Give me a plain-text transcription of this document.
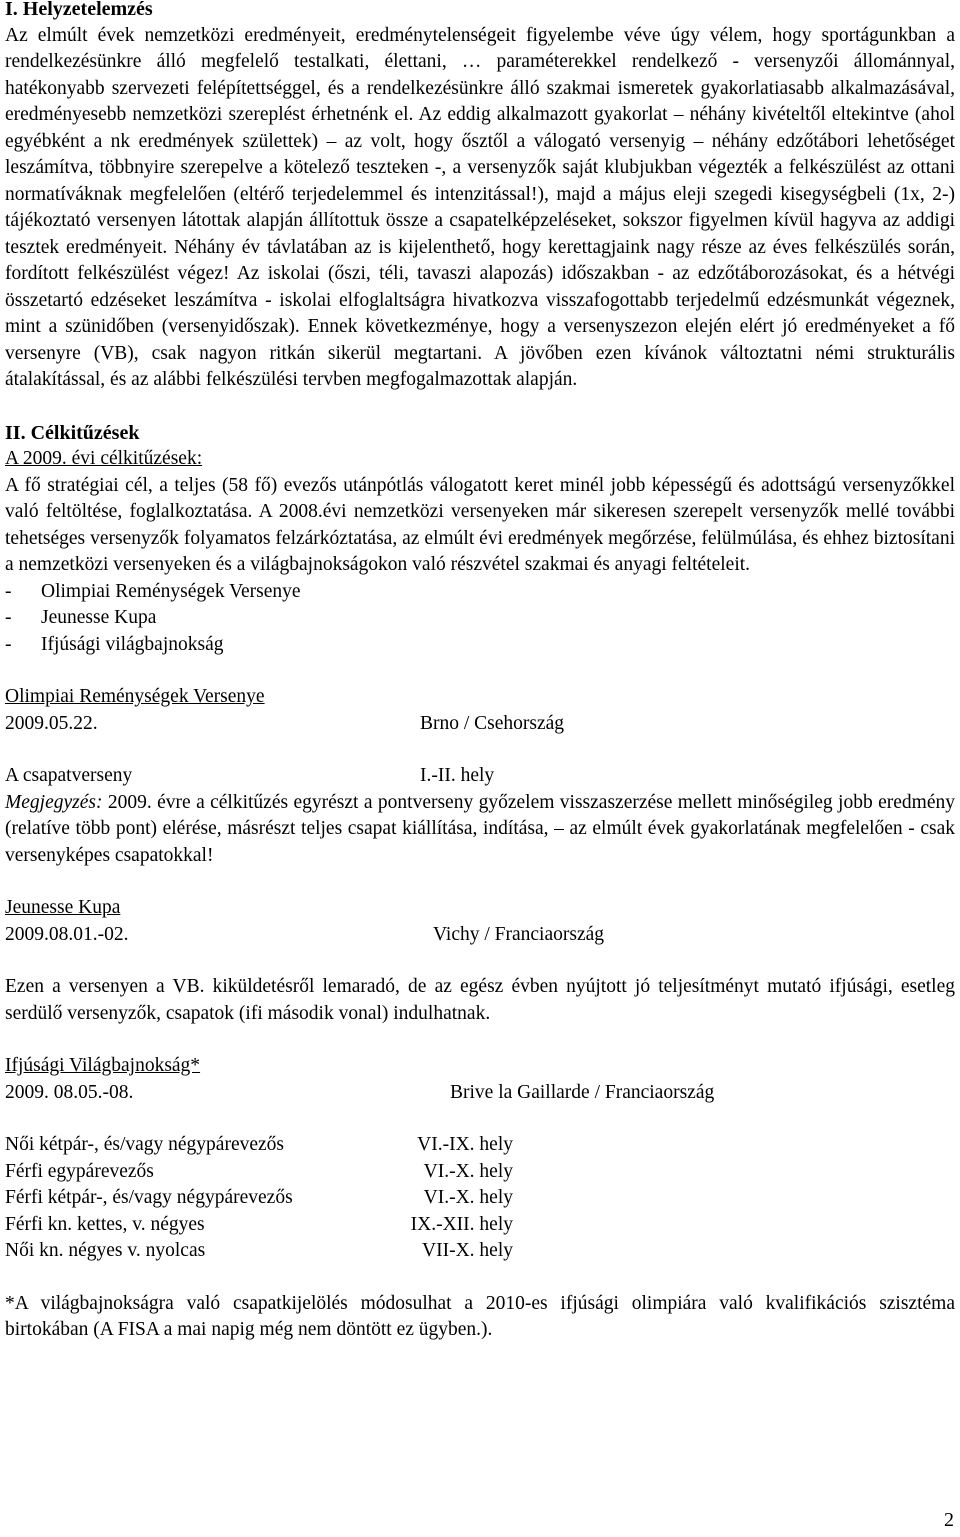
I. Helyzetelemzés

Az elmúlt évek nemzetközi eredményeit, eredménytelenségeit figyelembe véve úgy vélem, hogy sportágunkban a rendelkezésünkre álló megfelelő testalkati, élettani, … paraméterekkel rendelkező - versenyzői állománnyal, hatékonyabb szervezeti felépítettséggel, és a rendelkezésünkre álló szakmai ismeretek gyakorlatiasabb alkalmazásával, eredményesebb nemzetközi szereplést érhetnénk el. Az eddig alkalmazott gyakorlat – néhány kivételtől eltekintve (ahol egyébként a nk eredmények születtek) – az volt, hogy ősztől a válogató versenyig – néhány edzőtábori lehetőséget leszámítva, többnyire szerepelve a kötelező teszteken -, a versenyzők saját klubjukban végezték a felkészülést az ottani normatíváknak megfelelően (eltérő terjedelemmel és intenzitással!), majd a május eleji szegedi kisegységbeli (1x, 2-) tájékoztató versenyen látottak alapján állítottuk össze a csapatelképzeléseket, sokszor figyelmen kívül hagyva az addigi tesztek eredményeit. Néhány év távlatában az is kijelenthető, hogy kerettagjaink nagy része az éves felkészülés során, fordított felkészülést végez! Az iskolai (őszi, téli, tavaszi alapozás) időszakban - az edzőtáborozásokat, és a hétvégi összetartó edzéseket leszámítva - iskolai elfoglaltságra hivatkozva visszafogottabb terjedelmű edzésmunkát végeznek, mint a szünidőben (versenyidőszak). Ennek következménye, hogy a versenyszezon elején elért jó eredményeket a fő versenyre (VB), csak nagyon ritkán sikerül megtartani. A jövőben ezen kívánok változtatni némi strukturális átalakítással, és az alábbi felkészülési tervben megfogalmazottak alapján.

II. Célkitűzések

A 2009. évi célkitűzések:

A fő stratégiai cél, a teljes (58 fő) evezős utánpótlás válogatott keret minél jobb képességű és adottságú versenyzőkkel való feltöltése, foglalkoztatása. A 2008.évi nemzetközi versenyeken már sikeresen szerepelt versenyzők mellé további tehetséges versenyzők folyamatos felzárkóztatása, az elmúlt évi eredmények megőrzése, felülmúlása, és ehhez biztosítani a nemzetközi versenyeken és a világbajnokságokon való részvétel szakmai és anyagi feltételeit.

- Olimpiai Reménységek Versenye

- Jeunesse Kupa

- Ifjúsági világbajnokság

Olimpiai Reménységek Versenye

2009.05.22.	Brno / Csehország
A csapatverseny	I.-II. hely

Megjegyzés: 2009. évre a célkitűzés egyrészt a pontverseny győzelem visszaszerzése mellett minőségileg jobb eredmény (relatíve több pont) elérése, másrészt teljes csapat kiállítása, indítása, – az elmúlt évek gyakorlatának megfelelően - csak versenyképes csapatokkal!

Jeunesse Kupa

2009.08.01.-02.	Vichy / Franciaország

Ezen a versenyen a VB. kiküldetésről lemaradó, de az egész évben nyújtott jó teljesítményt mutató ifjúsági, esetleg serdülő versenyzők, csapatok (ifi második vonal) indulhatnak.

Ifjúsági Világbajnokság*

2009. 08.05.-08.	Brive la Gaillarde / Franciaország
Női kétpár-, és/vagy négypárevezős	VI.-IX. hely
Férfi egypárevezős	VI.-X. hely
Férfi kétpár-, és/vagy négypárevezős	VI.-X. hely
Férfi kn. kettes, v. négyes	IX.-XII. hely
Női kn. négyes v. nyolcas	VII-X. hely

*A világbajnokságra való csapatkijelölés módosulhat a 2010-es ifjúsági olimpiára való kvalifikációs szisztéma birtokában (A FISA a mai napig még nem döntött ez ügyben.).

2
